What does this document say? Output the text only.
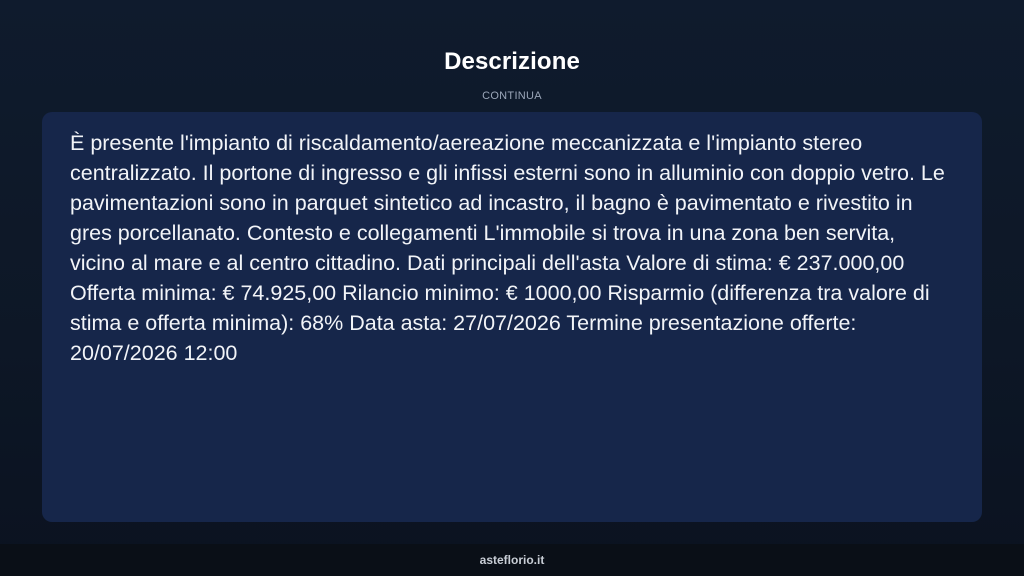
Descrizione
CONTINUA

È presente l'impianto di riscaldamento/aereazione meccanizzata e l'impianto stereo centralizzato. Il portone di ingresso e gli infissi esterni sono in alluminio con doppio vetro. Le pavimentazioni sono in parquet sintetico ad incastro, il bagno è pavimentato e rivestito in gres porcellanato. Contesto e collegamenti L'immobile si trova in una zona ben servita, vicino al mare e al centro cittadino. Dati principali dell'asta Valore di stima: € 237.000,00 Offerta minima: € 74.925,00 Rilancio minimo: € 1000,00 Risparmio (differenza tra valore di stima e offerta minima): 68% Data asta: 27/07/2026 Termine presentazione offerte: 20/07/2026 12:00

asteflorio.it
